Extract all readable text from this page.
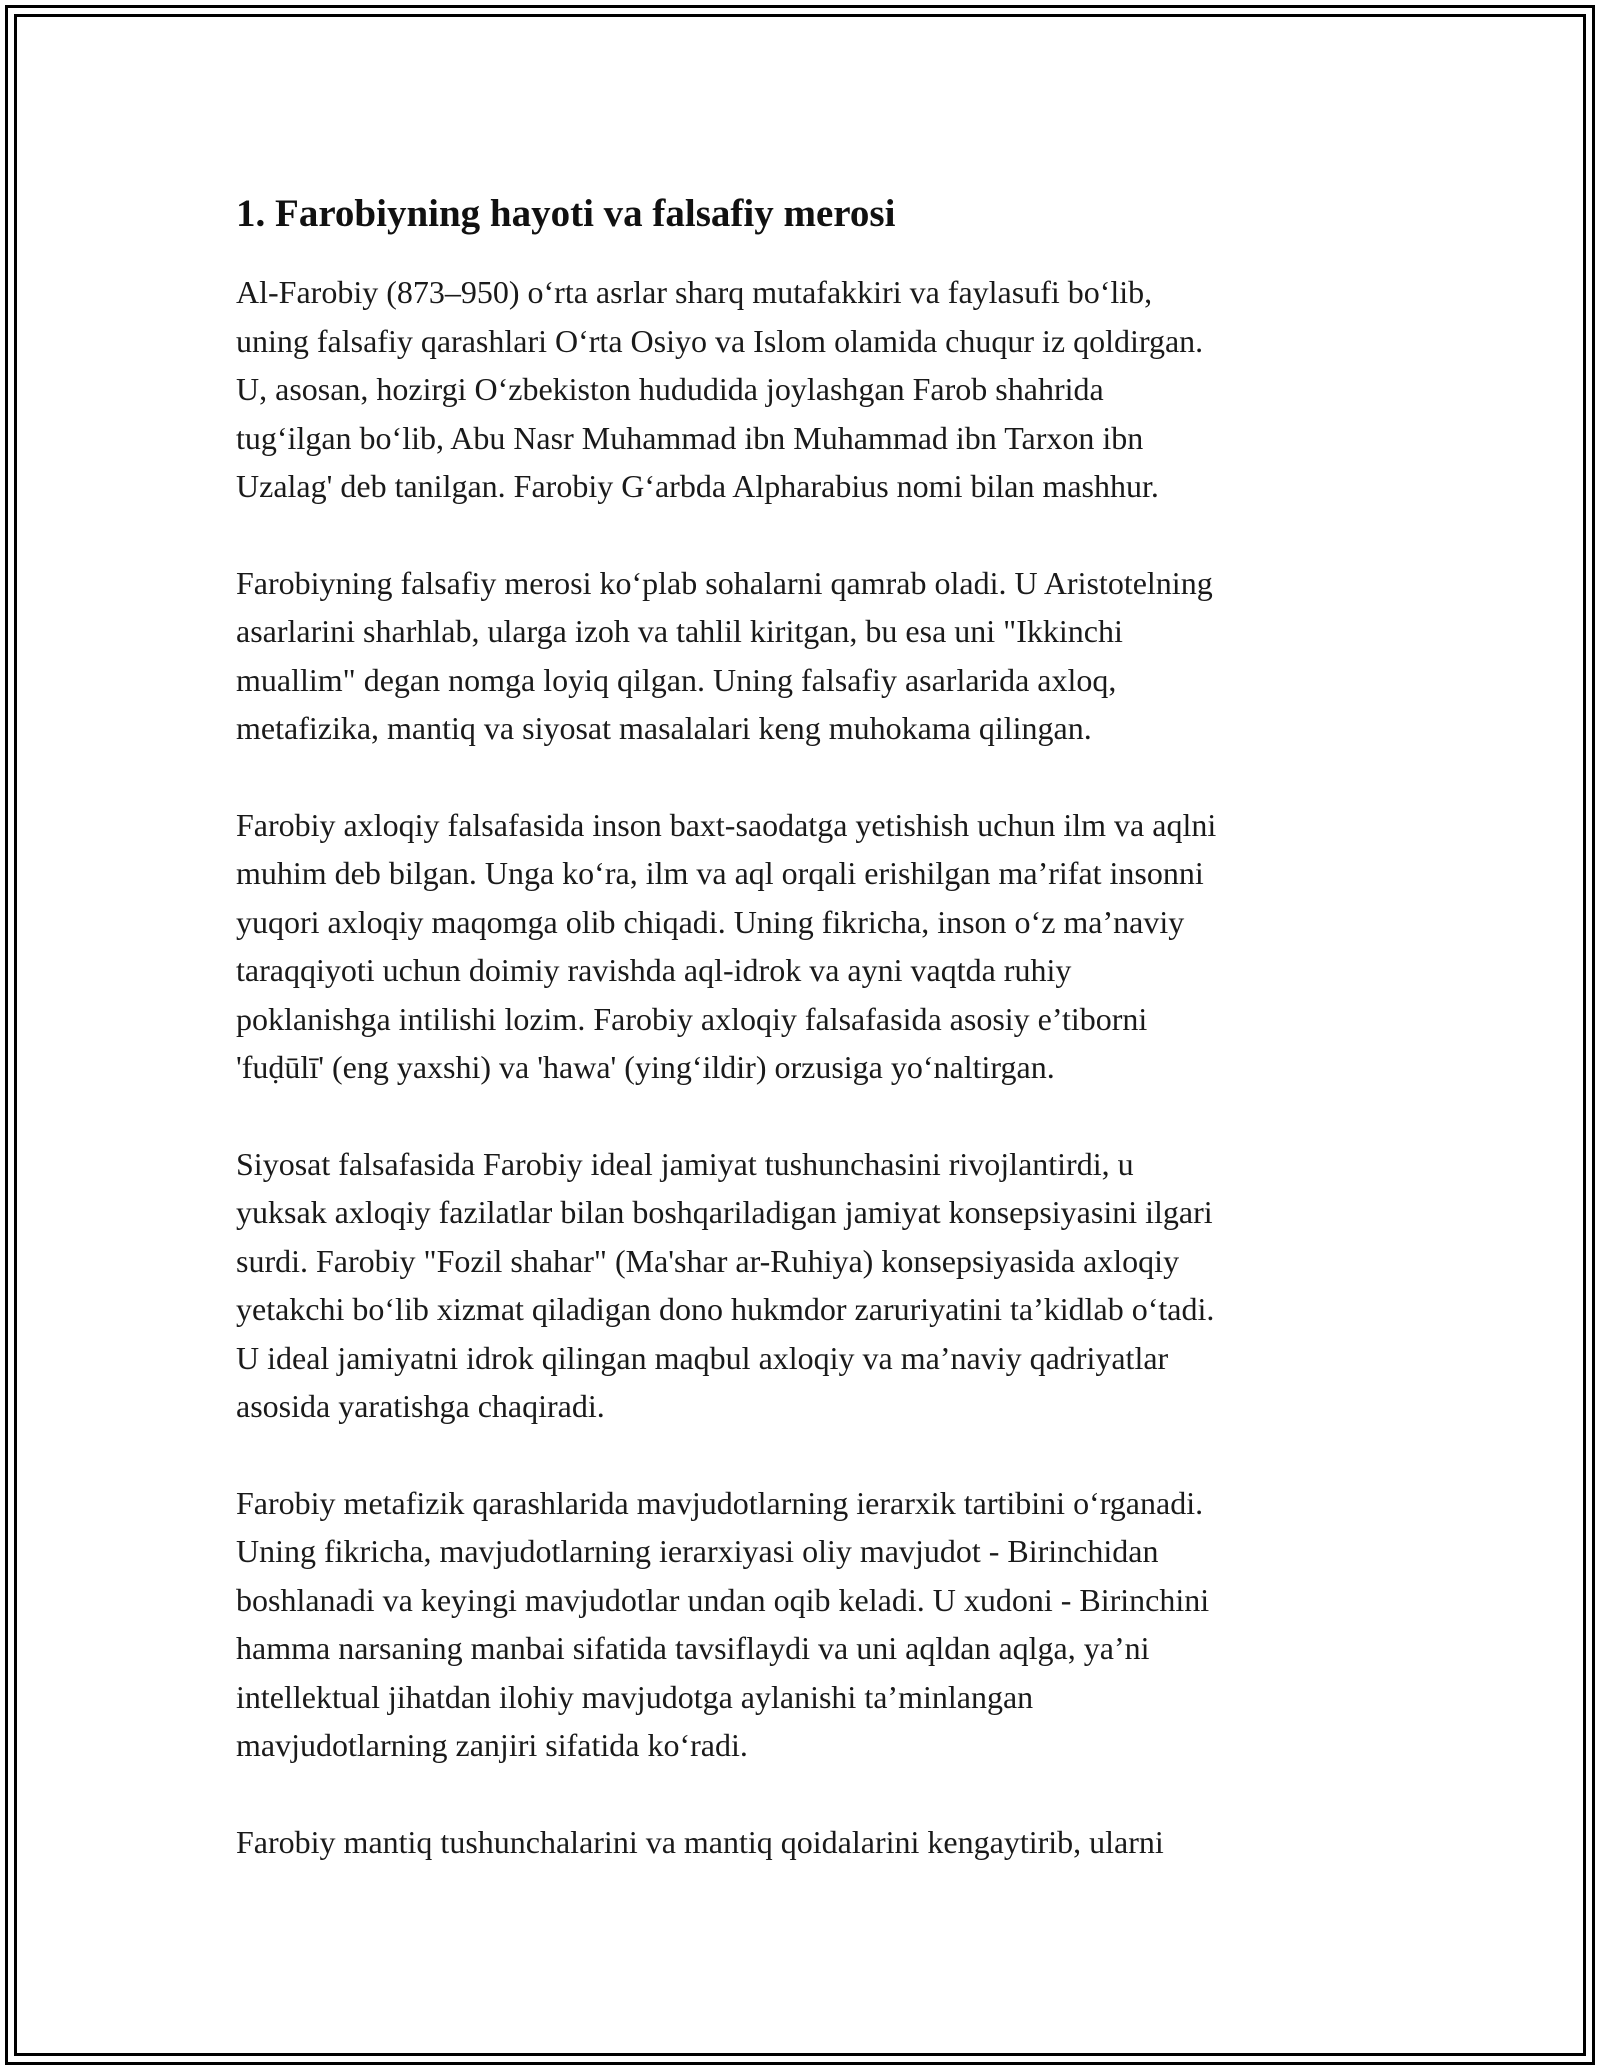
1. Farobiyning hayoti va falsafiy merosi

Al-Farobiy (873–950) o‘rta asrlar sharq mutafakkiri va faylasufi bo‘lib,
uning falsafiy qarashlari O‘rta Osiyo va Islom olamida chuqur iz qoldirgan.
U, asosan, hozirgi O‘zbekiston hududida joylashgan Farob shahrida
tug‘ilgan bo‘lib, Abu Nasr Muhammad ibn Muhammad ibn Tarxon ibn
Uzalag' deb tanilgan. Farobiy G‘arbda Alpharabius nomi bilan mashhur.

Farobiyning falsafiy merosi ko‘plab sohalarni qamrab oladi. U Aristotelning
asarlarini sharhlab, ularga izoh va tahlil kiritgan, bu esa uni "Ikkinchi
muallim" degan nomga loyiq qilgan. Uning falsafiy asarlarida axloq,
metafizika, mantiq va siyosat masalalari keng muhokama qilingan.

Farobiy axloqiy falsafasida inson baxt-saodatga yetishish uchun ilm va aqlni
muhim deb bilgan. Unga ko‘ra, ilm va aql orqali erishilgan ma’rifat insonni
yuqori axloqiy maqomga olib chiqadi. Uning fikricha, inson o‘z ma’naviy
taraqqiyoti uchun doimiy ravishda aql-idrok va ayni vaqtda ruhiy
poklanishga intilishi lozim. Farobiy axloqiy falsafasida asosiy e’tiborni
'fuḍūlī' (eng yaxshi) va 'hawa' (ying‘ildir) orzusiga yo‘naltirgan.

Siyosat falsafasida Farobiy ideal jamiyat tushunchasini rivojlantirdi, u
yuksak axloqiy fazilatlar bilan boshqariladigan jamiyat konsepsiyasini ilgari
surdi. Farobiy "Fozil shahar" (Ma'shar ar-Ruhiya) konsepsiyasida axloqiy
yetakchi bo‘lib xizmat qiladigan dono hukmdor zaruriyatini ta’kidlab o‘tadi.
U ideal jamiyatni idrok qilingan maqbul axloqiy va ma’naviy qadriyatlar
asosida yaratishga chaqiradi.

Farobiy metafizik qarashlarida mavjudotlarning ierarxik tartibini o‘rganadi.
Uning fikricha, mavjudotlarning ierarxiyasi oliy mavjudot - Birinchidan
boshlanadi va keyingi mavjudotlar undan oqib keladi. U xudoni - Birinchini
hamma narsaning manbai sifatida tavsiflaydi va uni aqldan aqlga, ya’ni
intellektual jihatdan ilohiy mavjudotga aylanishi ta’minlangan
mavjudotlarning zanjiri sifatida ko‘radi.

Farobiy mantiq tushunchalarini va mantiq qoidalarini kengaytirib, ularni
